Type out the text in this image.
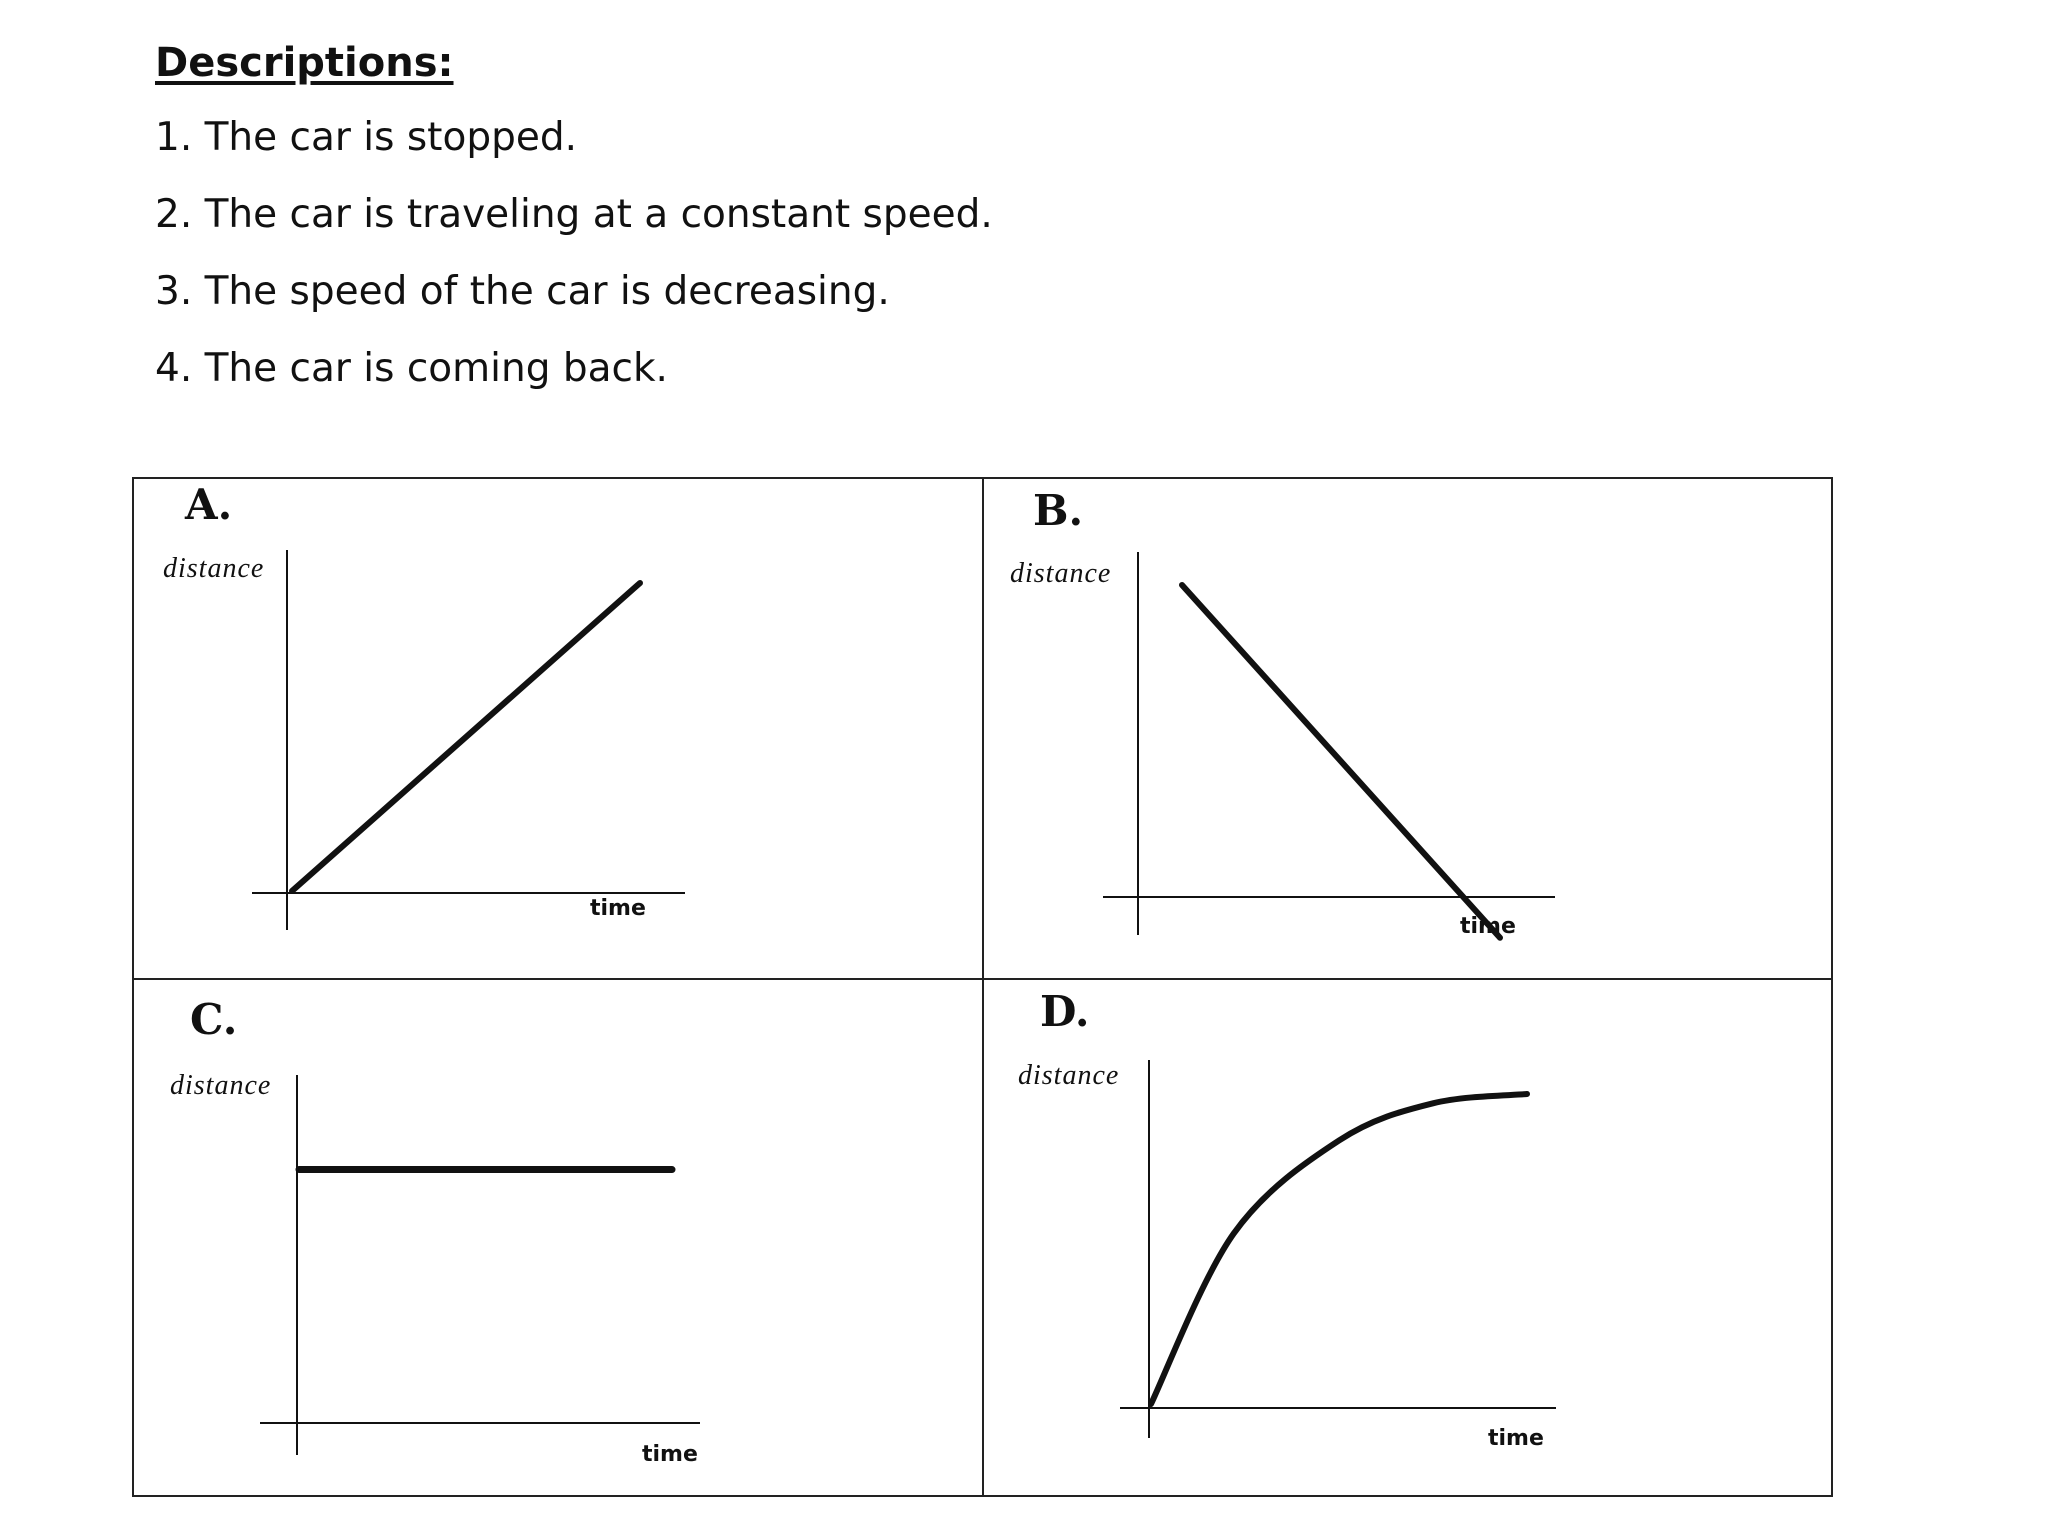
Descriptions:
1. The car is stopped.
2. The car is traveling at a constant speed.
3. The speed of the car is decreasing.
4. The car is coming back.
A.
distance
time
B.
distance
time
C.
distance
time
D.
distance
time
